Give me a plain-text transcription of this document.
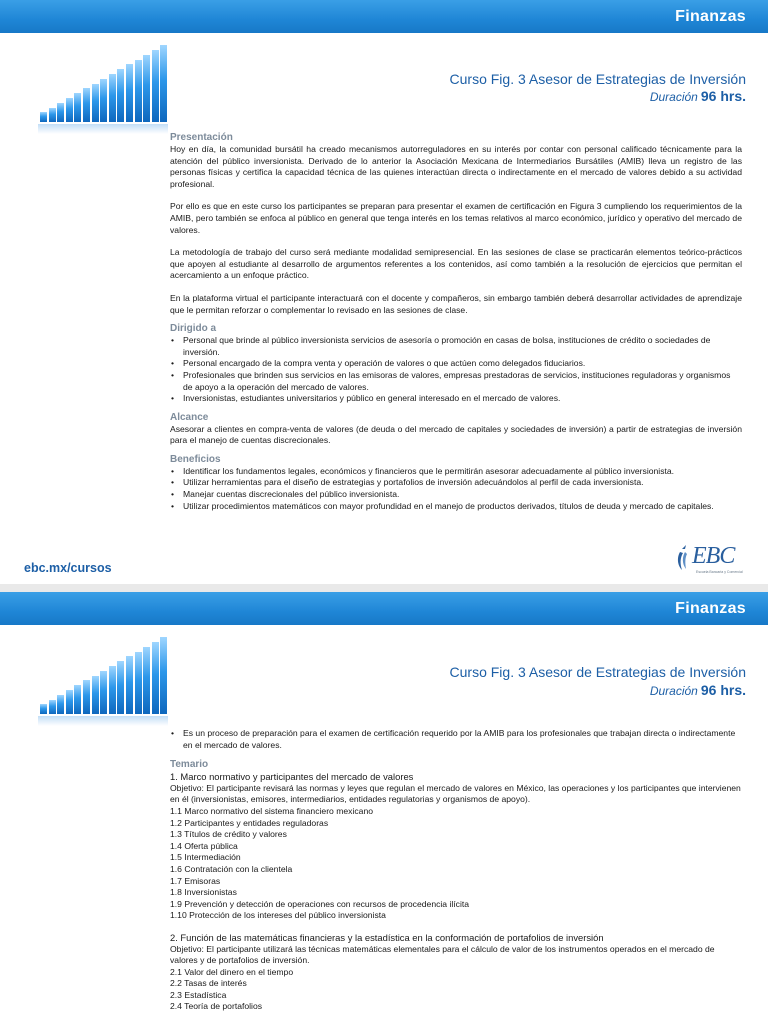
Finanzas
Curso Fig. 3 Asesor de Estrategias de Inversión
Duración 96 hrs.
Presentación

Hoy en día, la comunidad bursátil ha creado mecanismos autorreguladores en su interés por contar con personal calificado técnicamente para la atención del público inversionista. Derivado de lo anterior la Asociación Mexicana de Intermediarios Bursátiles (AMIB) lleva un registro de las personas físicas y certifica la capacidad técnica de las quienes interactúan directa o indirectamente en el mercado de valores debido a su actividad profesional.

Por ello es que en este curso los participantes se preparan para presentar el examen de certificación en Figura 3 cumpliendo los requerimientos de la AMIB, pero también se enfoca al público en general que tenga interés en los temas relativos al marco económico, jurídico y operativo del mercado de valores.

La metodología de trabajo del curso será mediante modalidad semipresencial. En las sesiones de clase se practicarán elementos teórico-prácticos que apoyen al estudiante al desarrollo de argumentos referentes a los contenidos, así como también a la resolución de ejercicios que permitan el acercamiento a un enfoque práctico.

En la plataforma virtual el participante interactuará con el docente y compañeros, sin embargo también deberá desarrollar actividades de aprendizaje que le permitan reforzar o complementar lo revisado en las sesiones de clase.

Dirigido a
• Personal que brinde al público inversionista servicios de asesoría o promoción en casas de bolsa, instituciones de crédito o sociedades de inversión.
• Personal encargado de la compra venta y operación de valores o que actúen como delegados fiduciarios.
• Profesionales que brinden sus servicios en las emisoras de valores, empresas prestadoras de servicios, instituciones reguladoras y organismos de apoyo a la operación del mercado de valores.
• Inversionistas, estudiantes universitarios y público en general interesado en el mercado de valores.
Alcance

Asesorar a clientes en compra-venta de valores (de deuda o del mercado de capitales y sociedades de inversión) a partir de estrategias de inversión para el manejo de cuentas discrecionales.

Beneficios
• Identificar los fundamentos legales, económicos y financieros que le permitirán asesorar adecuadamente al público inversionista.
• Utilizar herramientas para el diseño de estrategias y portafolios de inversión adecuándolos al perfil de cada inversionista.
• Manejar cuentas discrecionales del público inversionista.
• Utilizar procedimientos matemáticos con mayor profundidad en el manejo de productos derivados, títulos de deuda y mercado de capitales.
ebc.mx/cursos	EBC
Escuela Bancaria y Comercial
Finanzas
Curso Fig. 3 Asesor de Estrategias de Inversión
Duración 96 hrs.
• Es un proceso de preparación para el examen de certificación requerido por la AMIB para los profesionales que trabajan directa o indirectamente en el mercado de valores.
Temario
1. Marco normativo y participantes del mercado de valores
Objetivo: El participante revisará las normas y leyes que regulan el mercado de valores en México, las operaciones y los participantes que intervienen en él (inversionistas, emisores, intermediarios, entidades regulatorias y organismos de apoyo).
1.1 Marco normativo del sistema financiero mexicano
1.2 Participantes y entidades reguladoras
1.3 Títulos de crédito y valores
1.4 Oferta pública
1.5 Intermediación
1.6 Contratación con la clientela
1.7 Emisoras
1.8 Inversionistas
1.9 Prevención y detección de operaciones con recursos de procedencia ilícita
1.10 Protección de los intereses del público inversionista
2. Función de las matemáticas financieras y la estadística en la conformación de portafolios de inversión
Objetivo: El participante utilizará las técnicas matemáticas elementales para el cálculo de valor de los instrumentos operados en el mercado de valores y de portafolios de inversión.
2.1 Valor del dinero en el tiempo
2.2 Tasas de interés
2.3 Estadística
2.4 Teoría de portafolios
